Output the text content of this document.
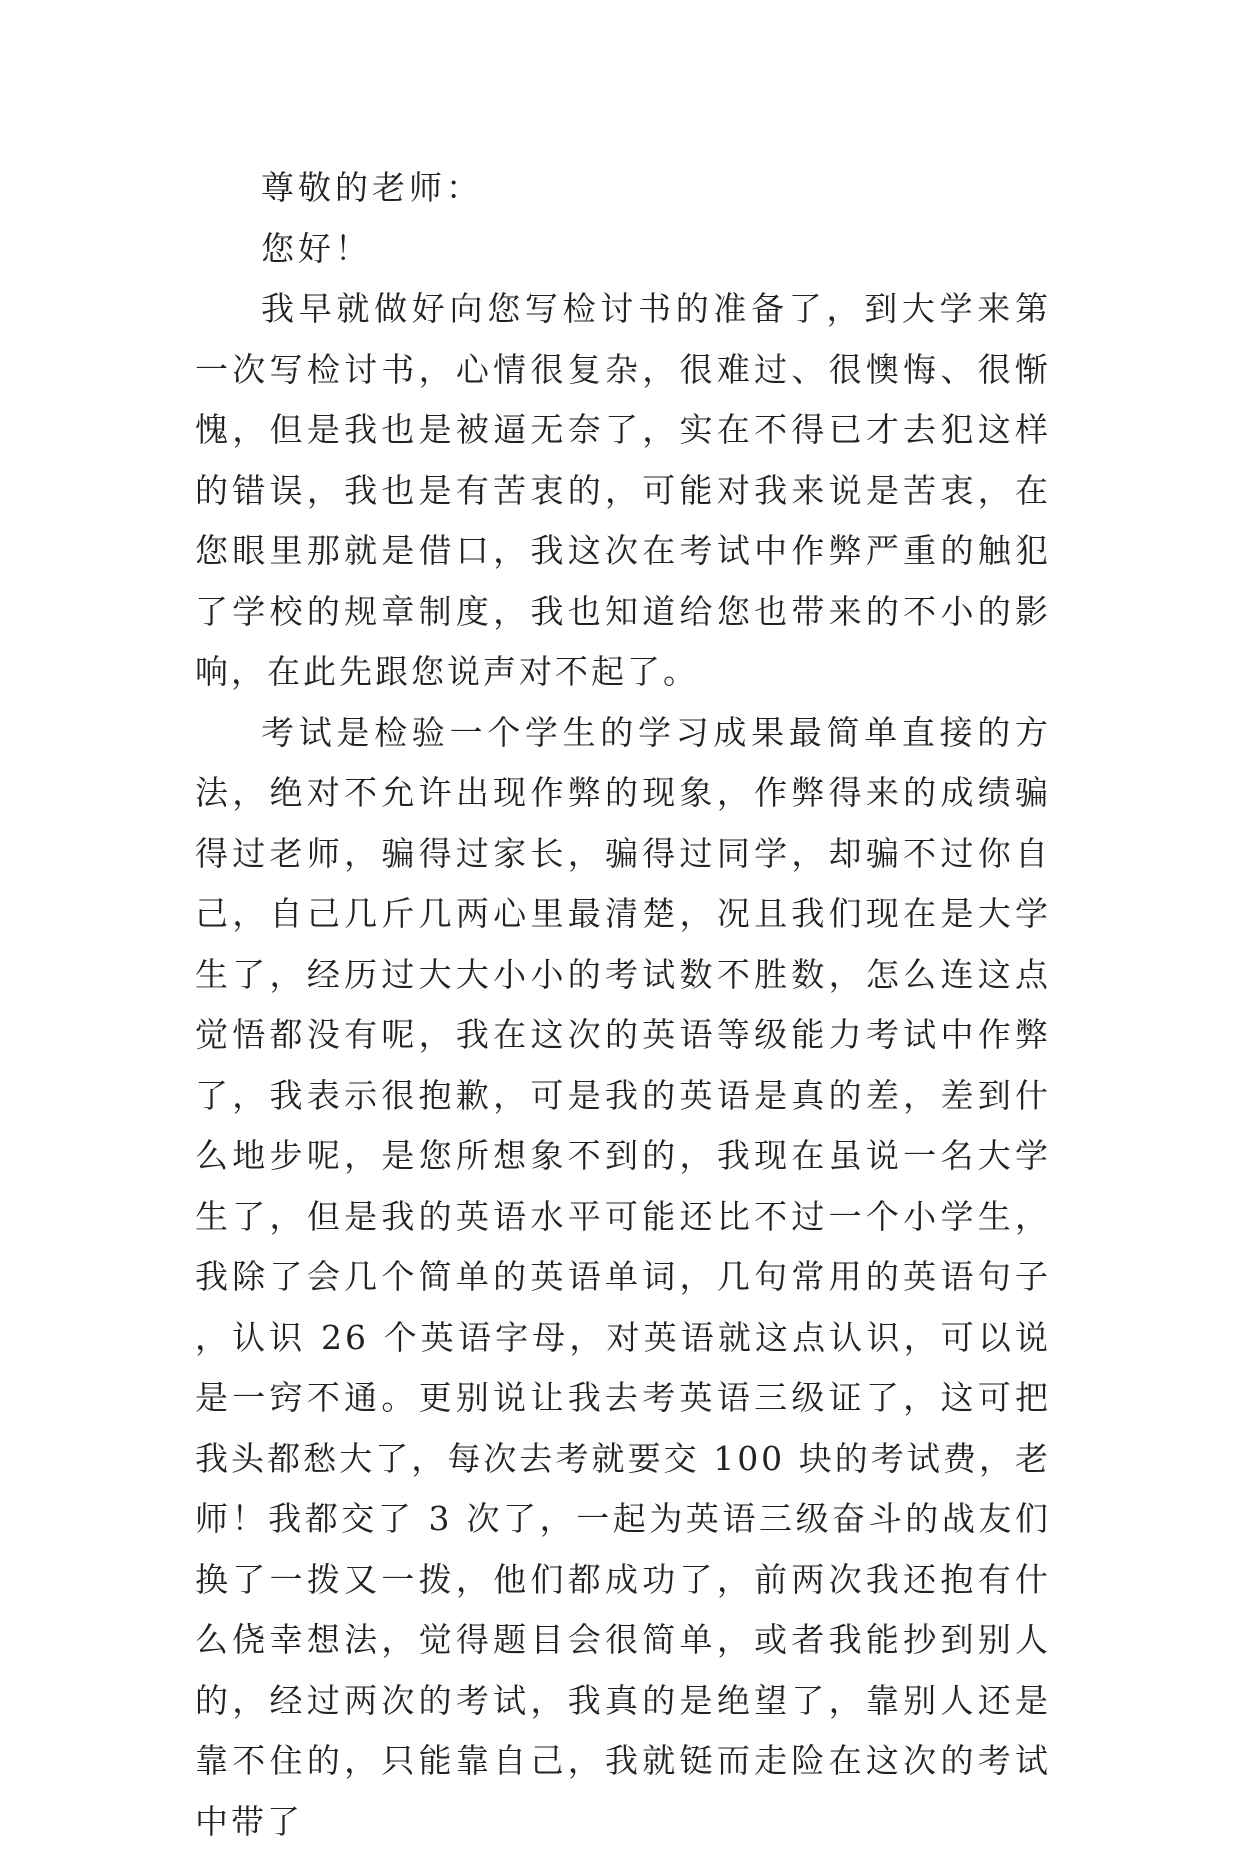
尊敬的老师：

您好！

我早就做好向您写检讨书的准备了，到大学来第一次写检讨书，心情很复杂，很难过、很懊悔、很惭愧，但是我也是被逼无奈了，实在不得已才去犯这样的错误，我也是有苦衷的，可能对我来说是苦衷，在您眼里那就是借口，我这次在考试中作弊严重的触犯了学校的规章制度，我也知道给您也带来的不小的影响，在此先跟您说声对不起了。

考试是检验一个学生的学习成果最简单直接的方法，绝对不允许出现作弊的现象，作弊得来的成绩骗得过老师，骗得过家长，骗得过同学，却骗不过你自己，自己几斤几两心里最清楚，况且我们现在是大学生了，经历过大大小小的考试数不胜数，怎么连这点觉悟都没有呢，我在这次的英语等级能力考试中作弊了，我表示很抱歉，可是我的英语是真的差，差到什么地步呢，是您所想象不到的，我现在虽说一名大学生了，但是我的英语水平可能还比不过一个小学生，我除了会几个简单的英语单词，几句常用的英语句子，认识 26 个英语字母，对英语就这点认识，可以说是一窍不通。更别说让我去考英语三级证了，这可把我头都愁大了，每次去考就要交 100 块的考试费，老师！我都交了 3 次了，一起为英语三级奋斗的战友们换了一拨又一拨，他们都成功了，前两次我还抱有什么侥幸想法，觉得题目会很简单，或者我能抄到别人的，经过两次的考试，我真的是绝望了，靠别人还是靠不住的，只能靠自己，我就铤而走险在这次的考试中带了
